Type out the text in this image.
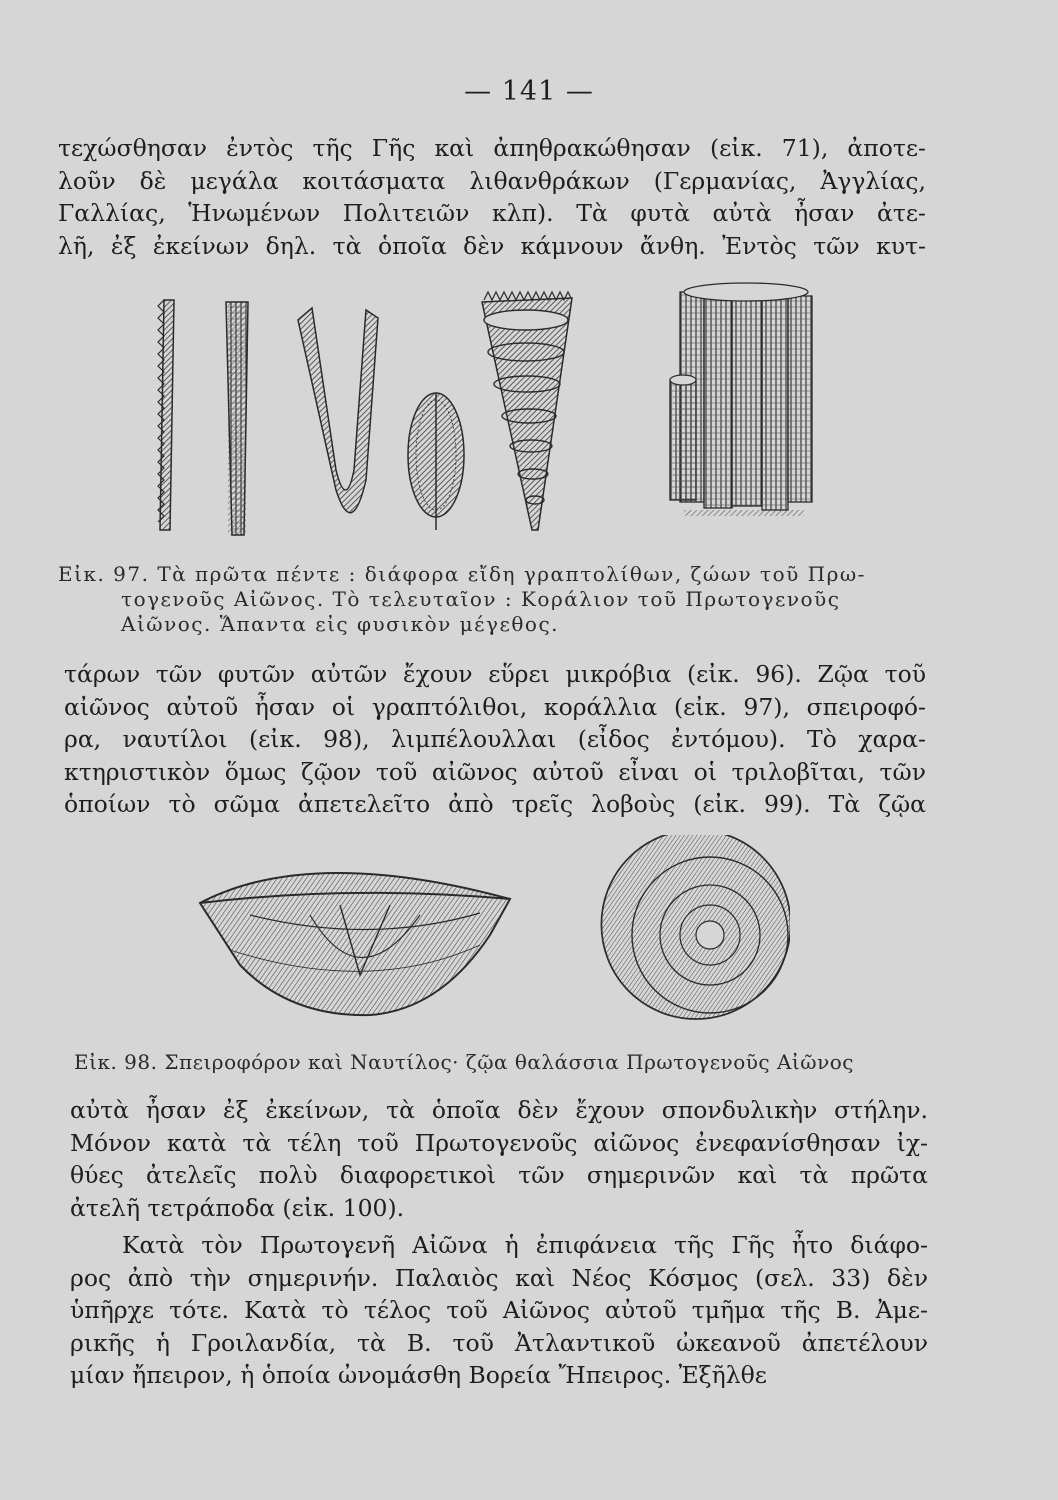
— 141 —
τεχώσθησαν ἐντὸς τῆς Γῆς καὶ ἀπηθρακώθησαν (εἰκ. 71), ἀποτε-
λοῦν δὲ μεγάλα κοιτάσματα λιθανθράκων (Γερμανίας, Ἀγγλίας,
Γαλλίας, Ἡνωμένων Πολιτειῶν κλπ). Τὰ φυτὰ αὐτὰ ἦσαν ἀτε-
λῆ, ἐξ ἐκείνων δηλ. τὰ ὁποῖα δὲν κάμνουν ἄνθη. Ἐντὸς τῶν κυτ-
Εἰκ. 97. Τὰ πρῶτα πέντε : διάφορα εἴδη γραπτολίθων, ζώων τοῦ Πρω-
τογενοῦς Αἰῶνος. Τὸ τελευταῖον : Κοράλιον τοῦ Πρωτογενοῦς
Αἰῶνος. Ἅπαντα εἰς φυσικὸν μέγεθος.
τάρων τῶν φυτῶν αὐτῶν ἔχουν εὕρει μικρόβια (εἰκ. 96). Ζῷα τοῦ
αἰῶνος αὐτοῦ ἦσαν οἱ γραπτόλιθοι, κοράλλια (εἰκ. 97), σπειροφό-
ρα, ναυτίλοι (εἰκ. 98), λιμπέλουλλαι (εἶδος ἐντόμου). Τὸ χαρα-
κτηριστικὸν ὅμως ζῷον τοῦ αἰῶνος αὐτοῦ εἶναι οἱ τριλοβῖται, τῶν
ὁποίων τὸ σῶμα ἀπετελεῖτο ἀπὸ τρεῖς λοβοὺς (εἰκ. 99). Τὰ ζῷα
Εἰκ. 98. Σπειροφόρον καὶ Ναυτίλος· ζῷα θαλάσσια Πρωτογενοῦς Αἰῶνος
αὐτὰ ἦσαν ἐξ ἐκείνων, τὰ ὁποῖα δὲν ἔχουν σπονδυλικὴν στήλην.
Μόνον κατὰ τὰ τέλη τοῦ Πρωτογενοῦς αἰῶνος ἐνεφανίσθησαν ἰχ-
θύες ἀτελεῖς πολὺ διαφορετικοὶ τῶν σημερινῶν καὶ τὰ πρῶτα
ἀτελῆ τετράποδα (εἰκ. 100).
Κατὰ τὸν Πρωτογενῆ Αἰῶνα ἡ ἐπιφάνεια τῆς Γῆς ἦτο διάφο-
ρος ἀπὸ τὴν σημερινήν. Παλαιὸς καὶ Νέος Κόσμος (σελ. 33) δὲν
ὑπῆρχε τότε. Κατὰ τὸ τέλος τοῦ Αἰῶνος αὐτοῦ τμῆμα τῆς Β. Ἀμε-
ρικῆς ἡ Γροιλανδία, τὰ Β. τοῦ Ἀτλαντικοῦ ὠκεανοῦ ἀπετέλουν
μίαν ἤπειρον, ἡ ὁποία ὠνομάσθη Βορεία Ἤπειρος. Ἐξῆλθε
